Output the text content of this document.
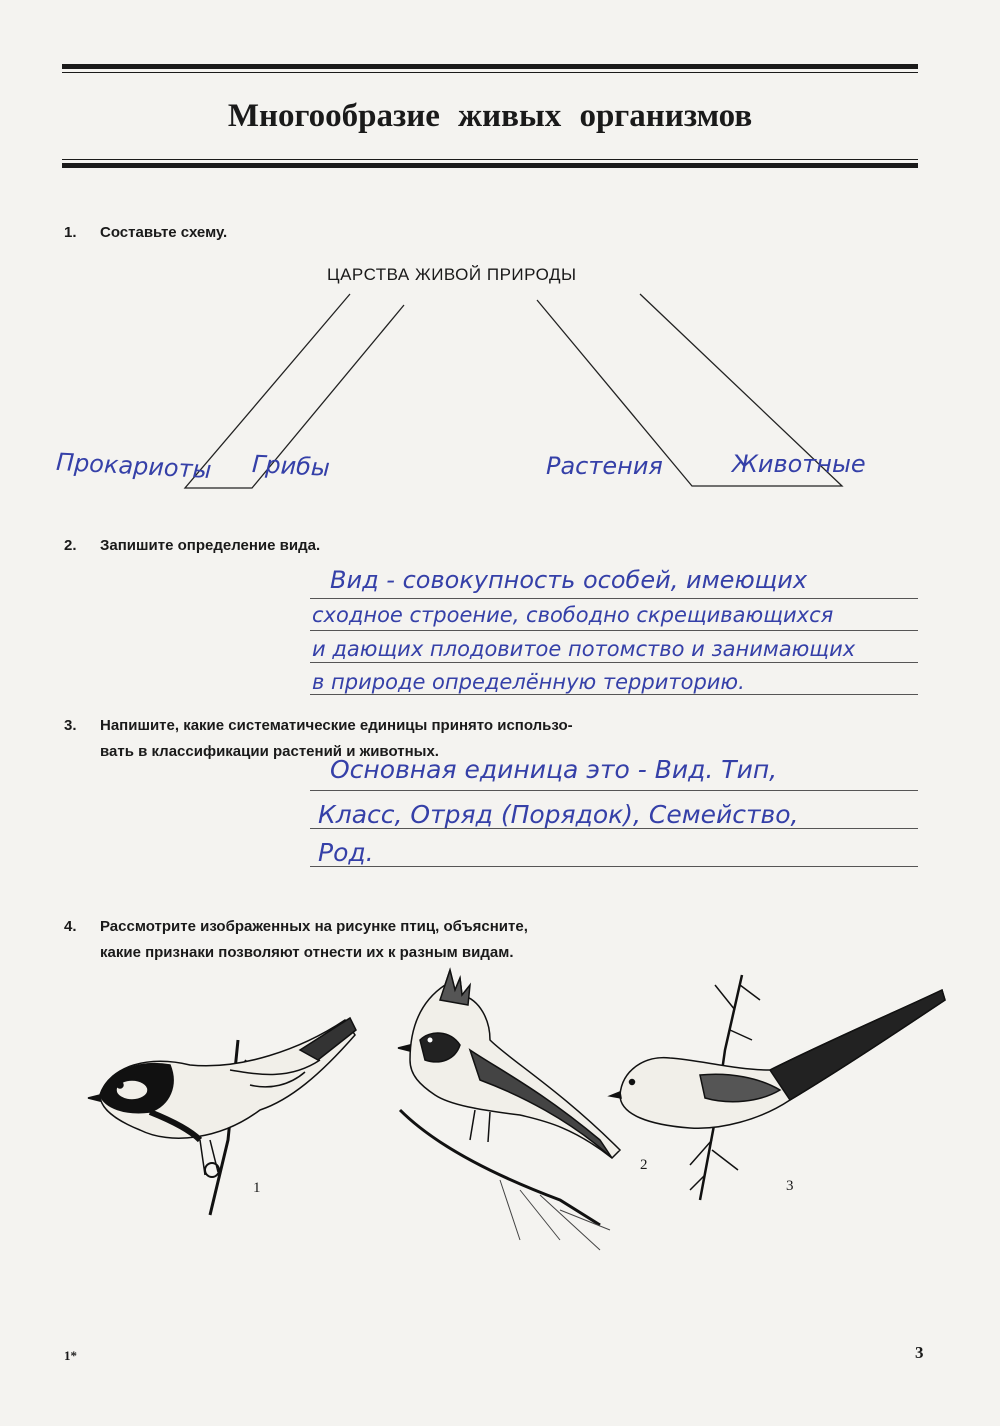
Многообразие живых организмов
1. Составьте схему.
ЦАРСТВА ЖИВОЙ ПРИРОДЫ
Прокариоты Грибы	Растения	Животные
2. Запишите определение вида.
Вид - совокупность особей, имеющих
сходное строение, свободно скрещивающихся
и дающих плодовитое потомство и занимающих
в природе определённую территорию.
3. Напишите, какие систематические единицы принято использо-
вать в классификации растений и животных.
Основная единица это - Вид. Тип,
Класс, Отряд (Порядок), Семейство,
Род.
4. Рассмотрите изображенных на рисунке птиц, объясните,
какие признаки позволяют отнести их к разным видам.
1
2
3
1*	3
